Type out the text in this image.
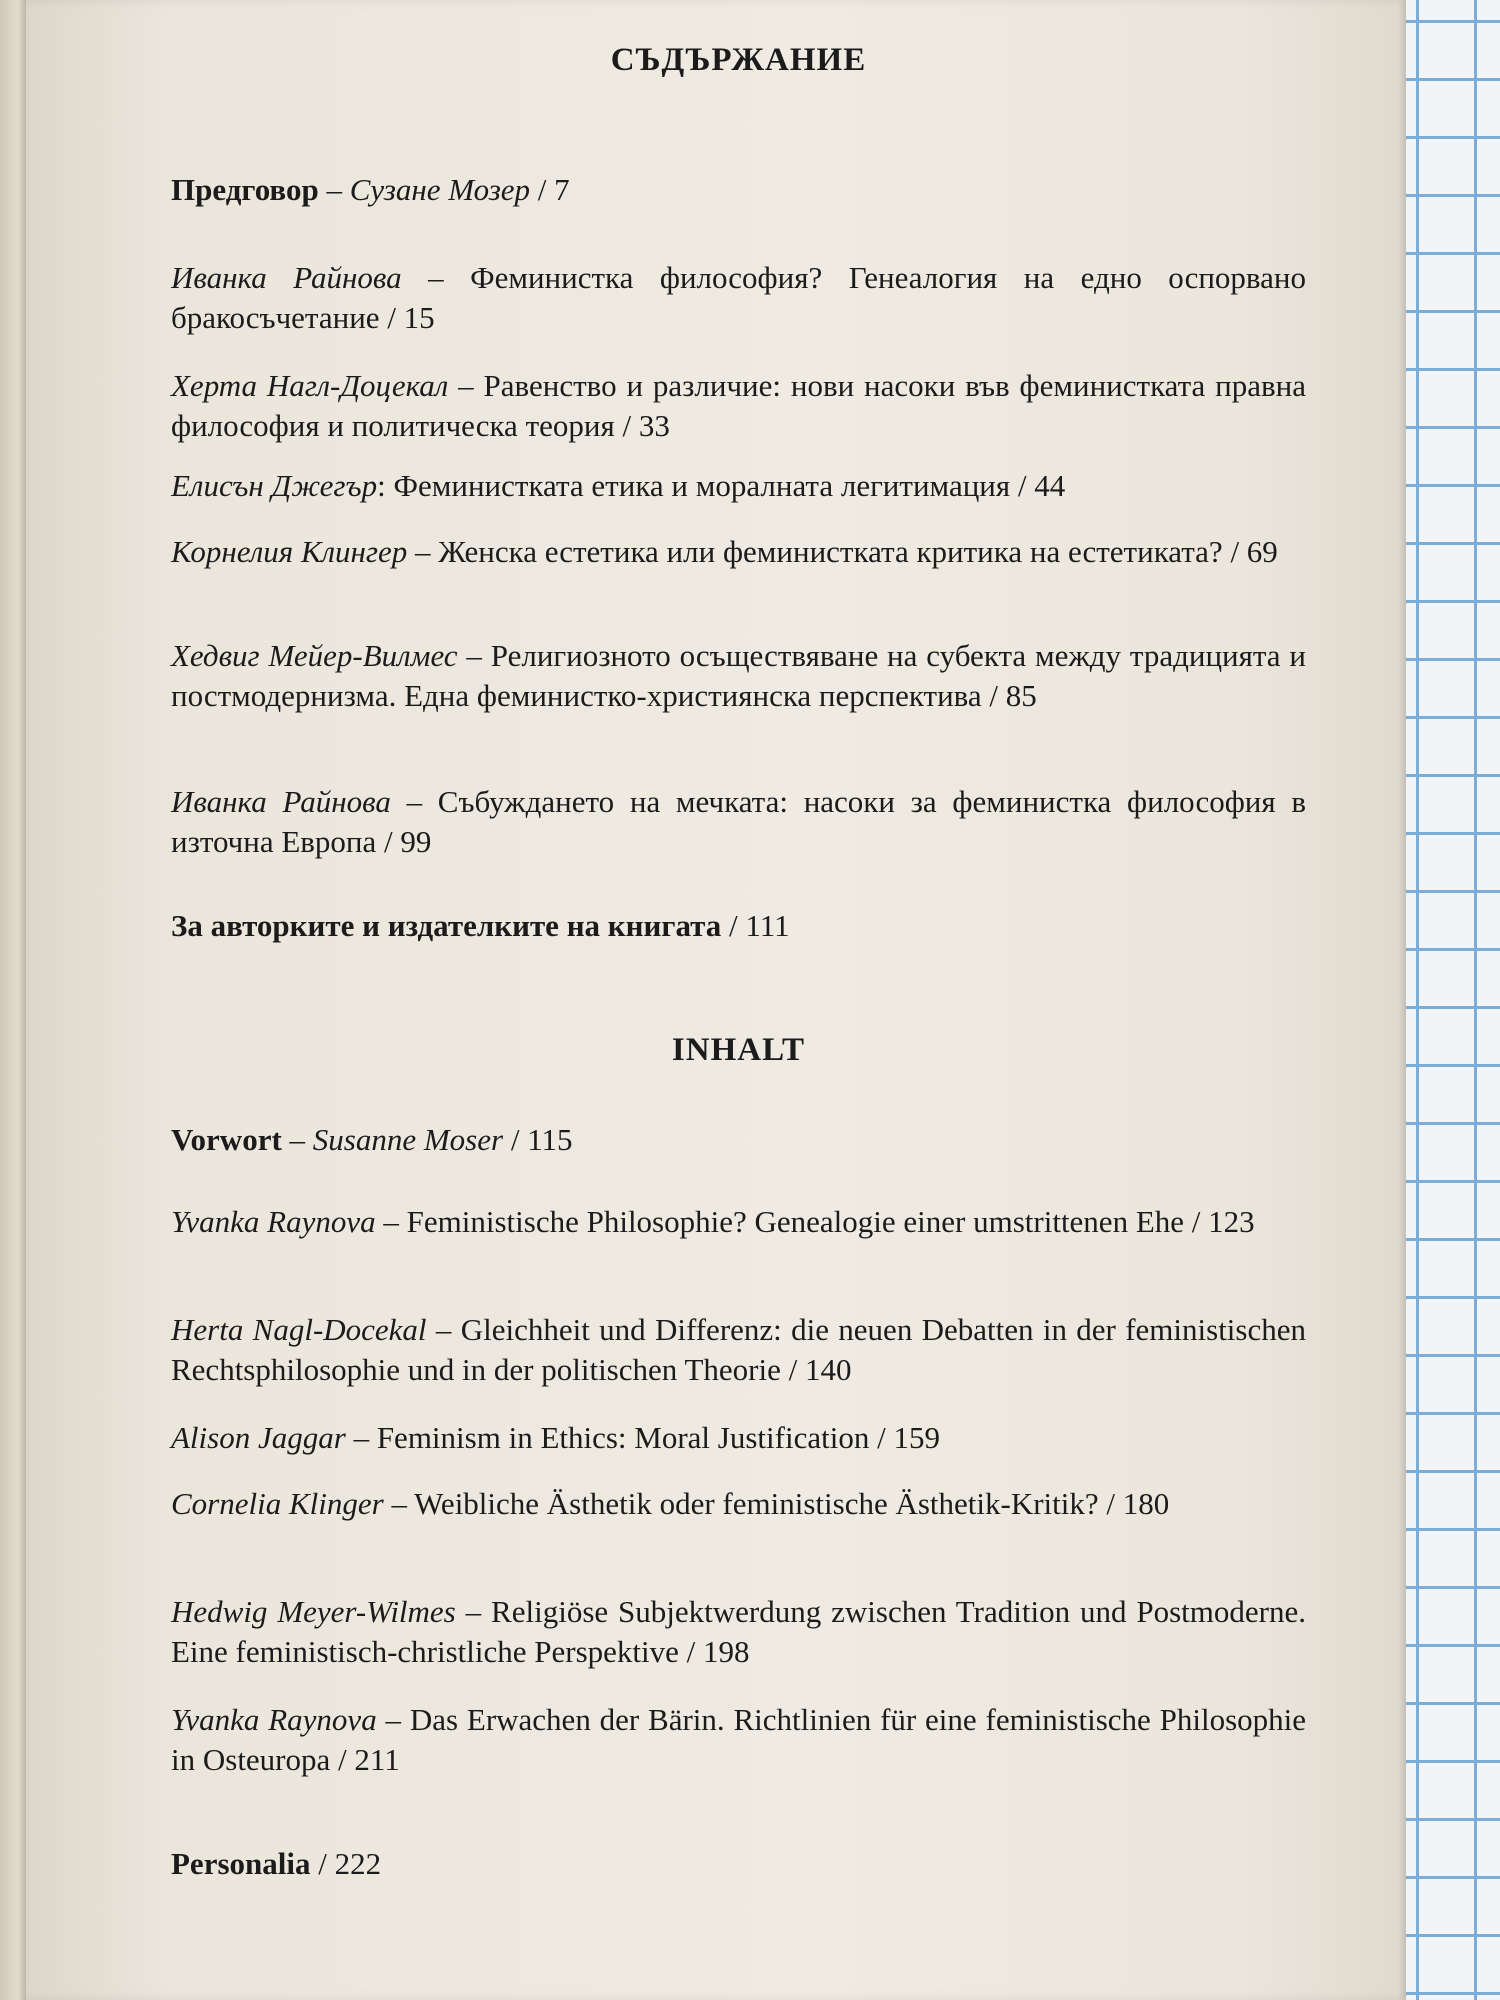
СЪДЪРЖАНИЕ
Предговор – Сузане Мозер / 7
Иванка Райнова – Феминистка философия? Генеалогия на едно оспорвано бракосъчетание / 15
Херта Нагл-Доцекал – Равенство и различие: нови насоки във феминистката правна философия и политическа теория / 33
Елисън Джегър: Феминистката етика и моралната легитимация / 44
Корнелия Клингер – Женска естетика или феминистката критика на естетиката? / 69
Хедвиг Мейер-Вилмес – Религиозното осъществяване на субекта между традицията и постмодернизма. Една феминистко-християнска перспектива / 85
Иванка Райнова – Събуждането на мечката: насоки за феминистка философия в източна Европа / 99
За авторките и издателките на книгата / 111
INHALT
Vorwort – Susanne Moser / 115
Yvanka Raynova – Feministische Philosophie? Genealogie einer umstrittenen Ehe / 123
Herta Nagl-Docekal – Gleichheit und Differenz: die neuen Debatten in der feministischen Rechtsphilosophie und in der politischen Theorie / 140
Alison Jaggar – Feminism in Ethics: Moral Justification / 159
Cornelia Klinger – Weibliche Ästhetik oder feministische Ästhetik-Kritik? / 180
Hedwig Meyer-Wilmes – Religiöse Subjektwerdung zwischen Tradition und Postmoderne. Eine feministisch-christliche Perspektive / 198
Yvanka Raynova – Das Erwachen der Bärin. Richtlinien für eine feministische Philosophie in Osteuropa / 211
Personalia / 222
